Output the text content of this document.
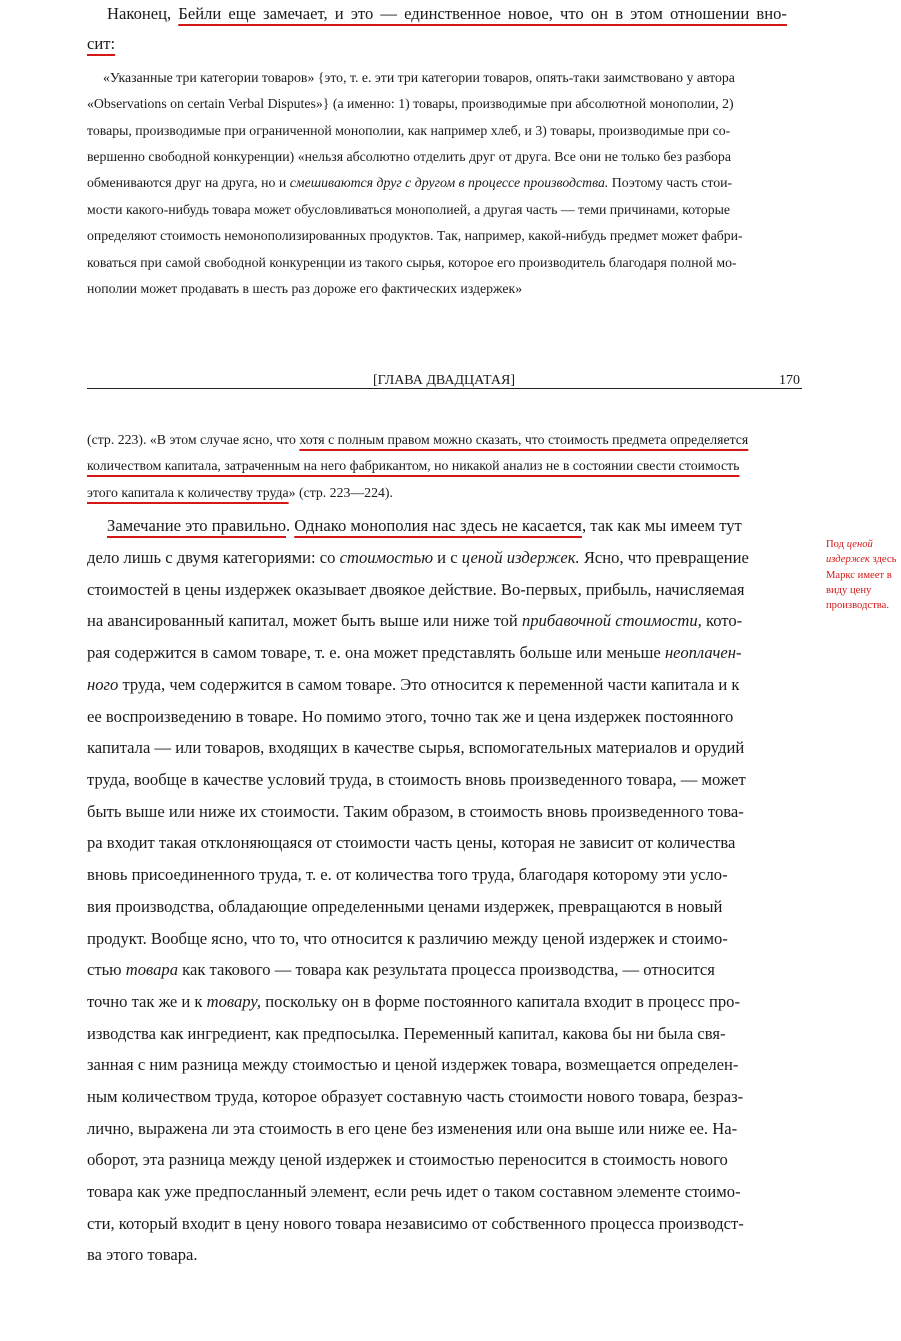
Наконец, Бейли еще замечает, и это — единственное новое, что он в этом отношении вно-
сит:
«Указанные три категории товаров» {это, т. е. эти три категории товаров, опять-таки заимствовано у автора
«Observations on certain Verbal Disputes»} (а именно: 1) товары, производимые при абсолютной монополии, 2)
товары, производимые при ограниченной монополии, как например хлеб, и 3) товары, производимые при со-
вершенно свободной конкуренции) «нельзя абсолютно отделить друг от друга. Все они не только без разбора
обмениваются друг на друга, но и смешиваются друг с другом в процессе производства. Поэтому часть стои-
мости какого-нибудь товара может обусловливаться монополией, а другая часть — теми причинами, которые
определяют стоимость немонополизированных продуктов. Так, например, какой-нибудь предмет может фабри-
коваться при самой свободной конкуренции из такого сырья, которое его производитель благодаря полной мо-
нополии может продавать в шесть раз дороже его фактических издержек»
[ГЛАВА ДВАДЦАТАЯ]	170
(стр. 223). «В этом случае ясно, что хотя с полным правом можно сказать, что стоимость предмета определяется
количеством капитала, затраченным на него фабрикантом, но никакой анализ не в состоянии свести стоимость
этого капитала к количеству труда» (стр. 223—224).
Замечание это правильно. Однако монополия нас здесь не касается, так как мы имеем тут
дело лишь с двумя категориями: со стоимостью и с ценой издержек. Ясно, что превращение
стоимостей в цены издержек оказывает двоякое действие. Во-первых, прибыль, начисляемая
на авансированный капитал, может быть выше или ниже той прибавочной стоимости, кото-
рая содержится в самом товаре, т. е. она может представлять больше или меньше неоплачен-
ного труда, чем содержится в самом товаре. Это относится к переменной части капитала и к
ее воспроизведению в товаре. Но помимо этого, точно так же и цена издержек постоянного
капитала — или товаров, входящих в качестве сырья, вспомогательных материалов и орудий
труда, вообще в качестве условий труда, в стоимость вновь произведенного товара, — может
быть выше или ниже их стоимости. Таким образом, в стоимость вновь произведенного това-
ра входит такая отклоняющаяся от стоимости часть цены, которая не зависит от количества
вновь присоединенного труда, т. е. от количества того труда, благодаря которому эти усло-
вия производства, обладающие определенными ценами издержек, превращаются в новый
продукт. Вообще ясно, что то, что относится к различию между ценой издержек и стоимо-
стью товара как такового — товара как результата процесса производства, — относится
точно так же и к товару, поскольку он в форме постоянного капитала входит в процесс про-
изводства как ингредиент, как предпосылка. Переменный капитал, какова бы ни была свя-
занная с ним разница между стоимостью и ценой издержек товара, возмещается определен-
ным количеством труда, которое образует составную часть стоимости нового товара, безраз-
лично, выражена ли эта стоимость в его цене без изменения или она выше или ниже ее. На-
оборот, эта разница между ценой издержек и стоимостью переносится в стоимость нового
товара как уже предпосланный элемент, если речь идет о таком составном элементе стоимо-
сти, который входит в цену нового товара независимо от собственного процесса производст-
ва этого товара.
Под ценой издержек здесь Маркс имеет в виду цену производства.
